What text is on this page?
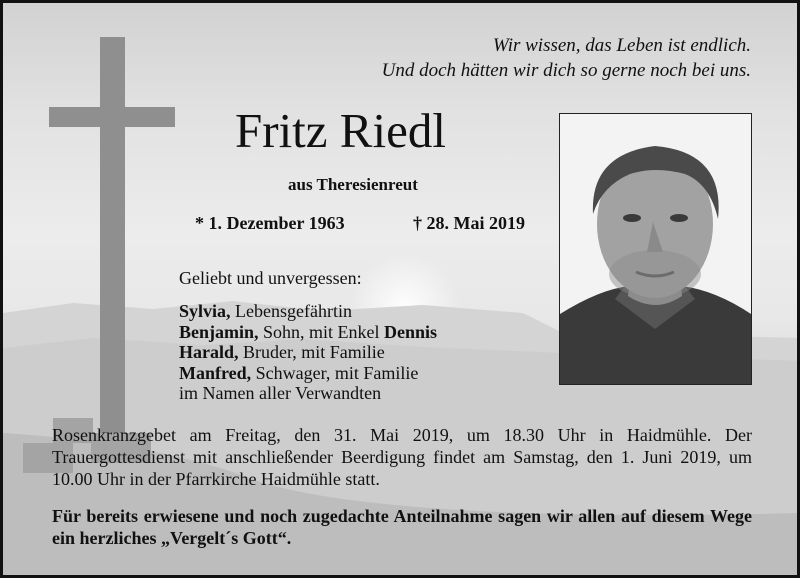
Wir wissen, das Leben ist endlich.
Und doch hätten wir dich so gerne noch bei uns.
Fritz Riedl
aus Theresienreut
* 1. Dezember 1963	† 28. Mai 2019
Geliebt und unvergessen:
Sylvia, Lebensgefährtin
Benjamin, Sohn, mit Enkel Dennis
Harald, Bruder, mit Familie
Manfred, Schwager, mit Familie
im Namen aller Verwandten
Rosenkranzgebet am Freitag, den 31. Mai 2019, um 18.30 Uhr in Haidmühle. Der Trauergottesdienst mit anschließender Beerdigung findet am Samstag, den 1. Juni 2019, um 10.00 Uhr in der Pfarrkirche Haidmühle statt.
Für bereits erwiesene und noch zugedachte Anteilnahme sagen wir allen auf diesem Wege ein herzliches „Vergelt´s Gott“.
